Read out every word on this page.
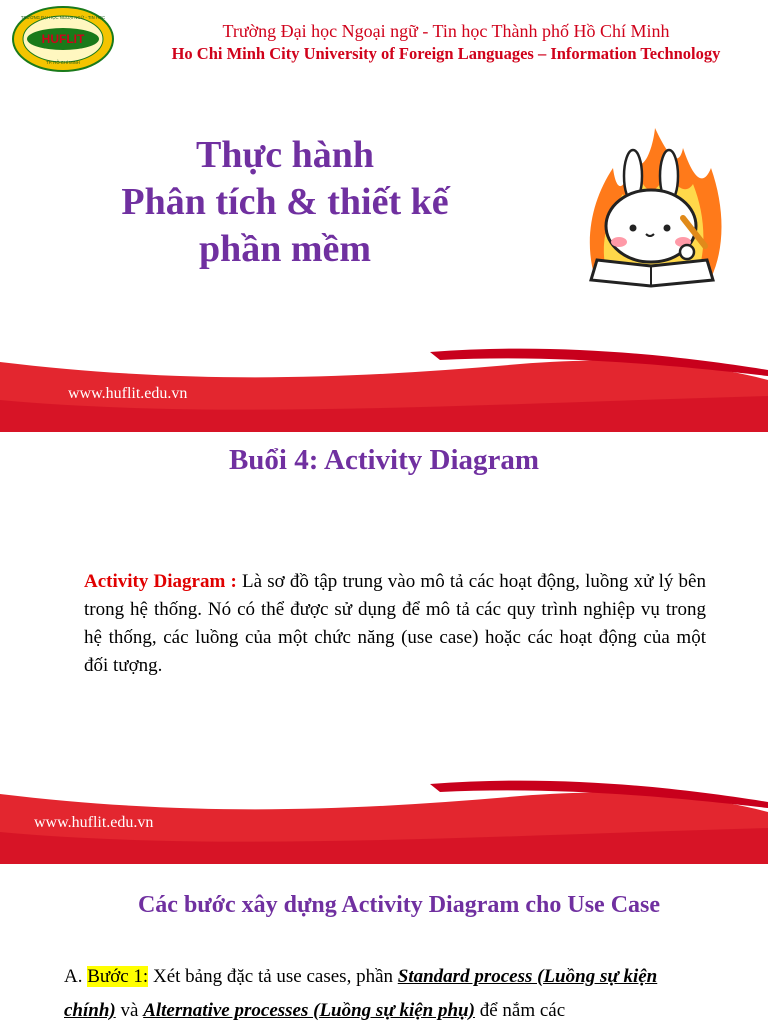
HUFLIT
TRƯỜNG ĐẠI HỌC NGOẠI NGỮ - TIN HỌC
TP. HỒ CHÍ MINH
Trường Đại học Ngoại ngữ - Tin học Thành phố Hồ Chí Minh
Ho Chi Minh City University of Foreign Languages – Information Technology
Thực hành
Phân tích & thiết kế
phần mềm
www.huflit.edu.vn
Buổi 4: Activity Diagram

Activity Diagram : Là sơ đồ tập trung vào mô tả các hoạt động, luồng xử lý bên trong hệ thống. Nó có thể được sử dụng để mô tả các quy trình nghiệp vụ trong hệ thống, các luồng của một chức năng (use case) hoặc các hoạt động của một đối tượng.

www.huflit.edu.vn
Các bước xây dựng Activity Diagram cho Use Case
A. Bước 1: Xét bảng đặc tả use cases, phần Standard process (Luồng sự kiện chính) và Alternative processes (Luồng sự kiện phụ) để nắm các
